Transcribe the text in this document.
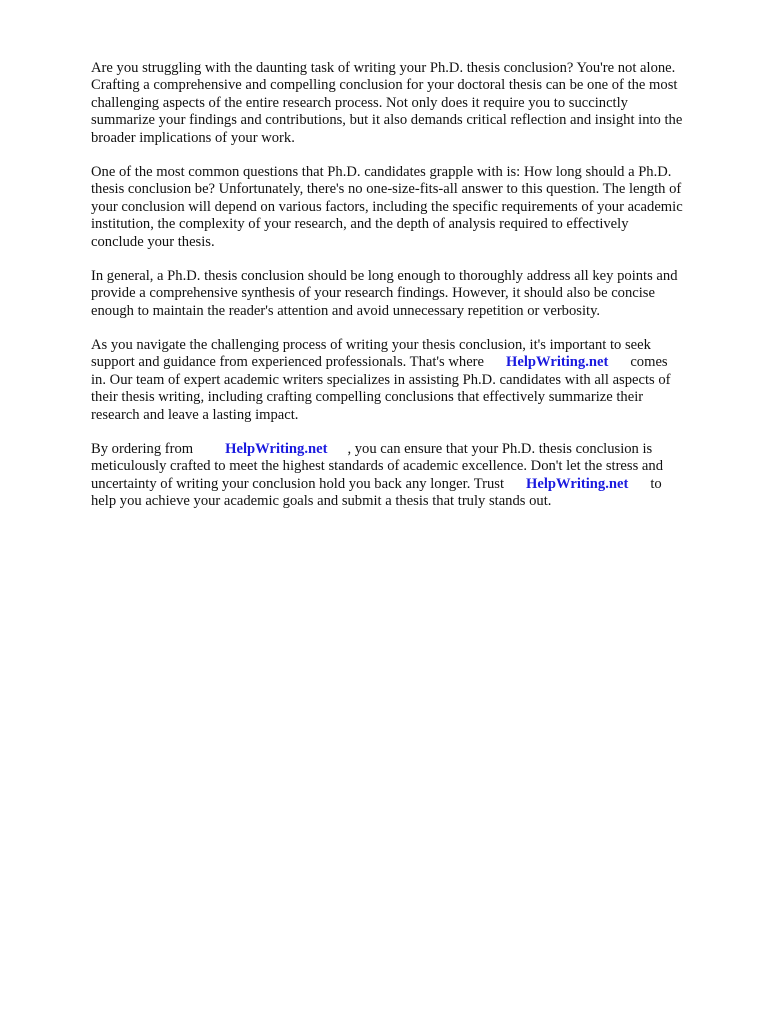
Are you struggling with the daunting task of writing your Ph.D. thesis conclusion? You're not alone.
Crafting a comprehensive and compelling conclusion for your doctoral thesis can be one of the most
challenging aspects of the entire research process. Not only does it require you to succinctly
summarize your findings and contributions, but it also demands critical reflection and insight into the
broader implications of your work.

One of the most common questions that Ph.D. candidates grapple with is: How long should a Ph.D.
thesis conclusion be? Unfortunately, there's no one-size-fits-all answer to this question. The length of
your conclusion will depend on various factors, including the specific requirements of your academic
institution, the complexity of your research, and the depth of analysis required to effectively
conclude your thesis.

In general, a Ph.D. thesis conclusion should be long enough to thoroughly address all key points and
provide a comprehensive synthesis of your research findings. However, it should also be concise
enough to maintain the reader's attention and avoid unnecessary repetition or verbosity.

As you navigate the challenging process of writing your thesis conclusion, it's important to seek
support and guidance from experienced professionals. That's where HelpWriting.net comes
in. Our team of expert academic writers specializes in assisting Ph.D. candidates with all aspects of
their thesis writing, including crafting compelling conclusions that effectively summarize their
research and leave a lasting impact.

By ordering from HelpWriting.net , you can ensure that your Ph.D. thesis conclusion is
meticulously crafted to meet the highest standards of academic excellence. Don't let the stress and
uncertainty of writing your conclusion hold you back any longer. Trust HelpWriting.net to
help you achieve your academic goals and submit a thesis that truly stands out.
